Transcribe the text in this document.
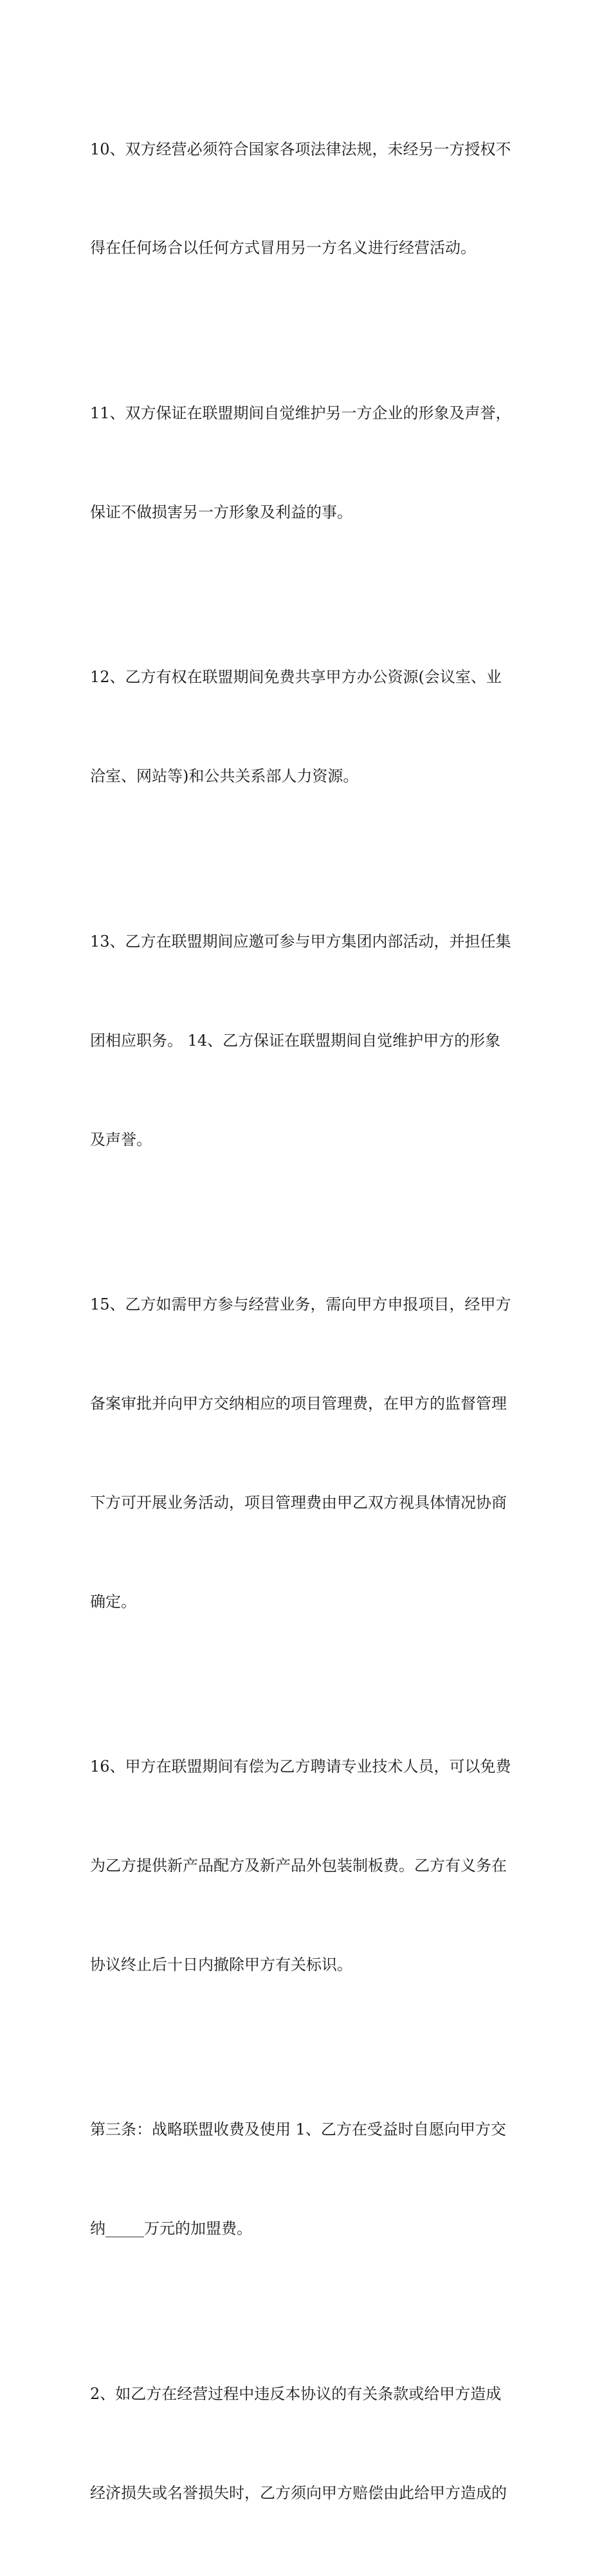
10、双方经营必须符合国家各项法律法规，未经另一方授权不

得在任何场合以任何方式冒用另一方名义进行经营活动。

11、双方保证在联盟期间自觉维护另一方企业的形象及声誉，

保证不做损害另一方形象及利益的事。

12、乙方有权在联盟期间免费共享甲方办公资源(会议室、业

洽室、网站等)和公共关系部人力资源。

13、乙方在联盟期间应邀可参与甲方集团内部活动，并担任集

团相应职务。 14、乙方保证在联盟期间自觉维护甲方的形象

及声誉。

15、乙方如需甲方参与经营业务，需向甲方申报项目，经甲方

备案审批并向甲方交纳相应的项目管理费，在甲方的监督管理

下方可开展业务活动，项目管理费由甲乙双方视具体情况协商

确定。

16、甲方在联盟期间有偿为乙方聘请专业技术人员，可以免费

为乙方提供新产品配方及新产品外包装制板费。乙方有义务在

协议终止后十日内撤除甲方有关标识。

第三条：战略联盟收费及使用 1、乙方在受益时自愿向甲方交

纳_____万元的加盟费。

2、如乙方在经营过程中违反本协议的有关条款或给甲方造成

经济损失或名誉损失时，乙方须向甲方赔偿由此给甲方造成的
